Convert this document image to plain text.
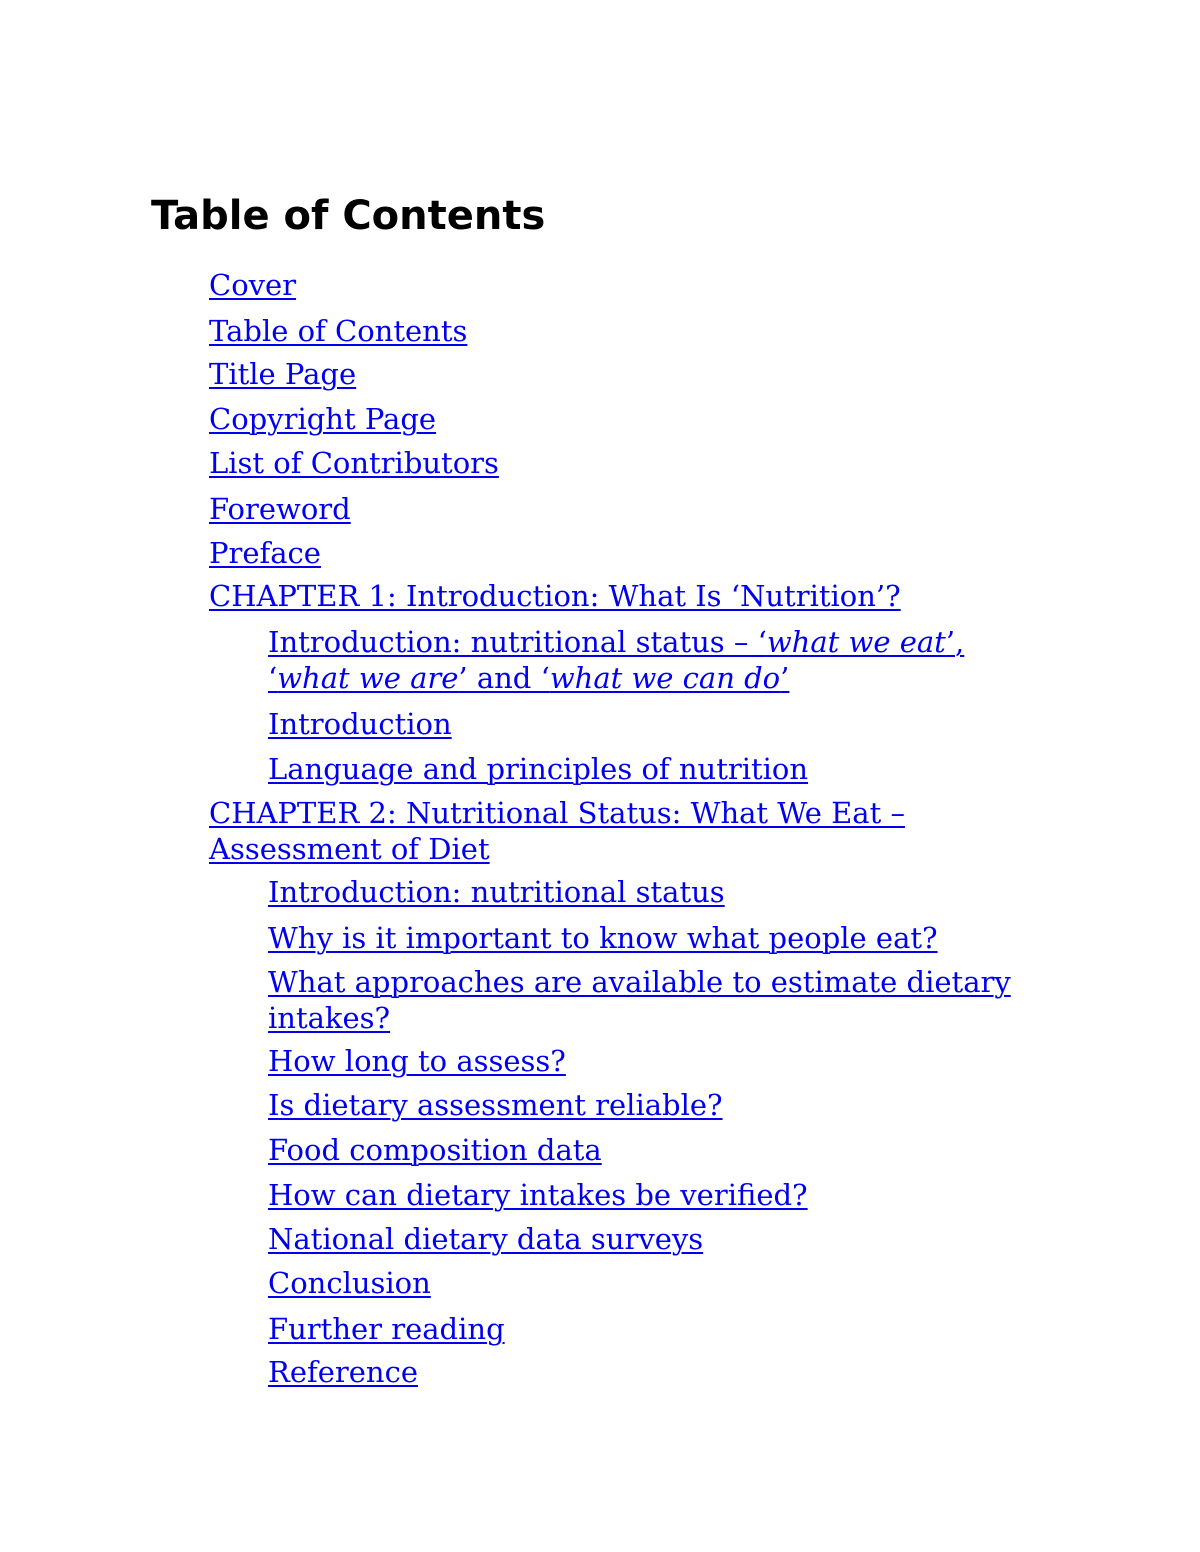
Table of Contents
Cover
Table of Contents
Title Page
Copyright Page
List of Contributors
Foreword
Preface
CHAPTER 1: Introduction: What Is ‘Nutrition’?
Introduction: nutritional status – ‘what we eat’, ‘what we are’ and ‘what we can do’
Introduction
Language and principles of nutrition
CHAPTER 2: Nutritional Status: What We Eat – Assessment of Diet
Introduction: nutritional status
Why is it important to know what people eat?
What approaches are available to estimate dietary intakes?
How long to assess?
Is dietary assessment reliable?
Food composition data
How can dietary intakes be verified?
National dietary data surveys
Conclusion
Further reading
Reference
